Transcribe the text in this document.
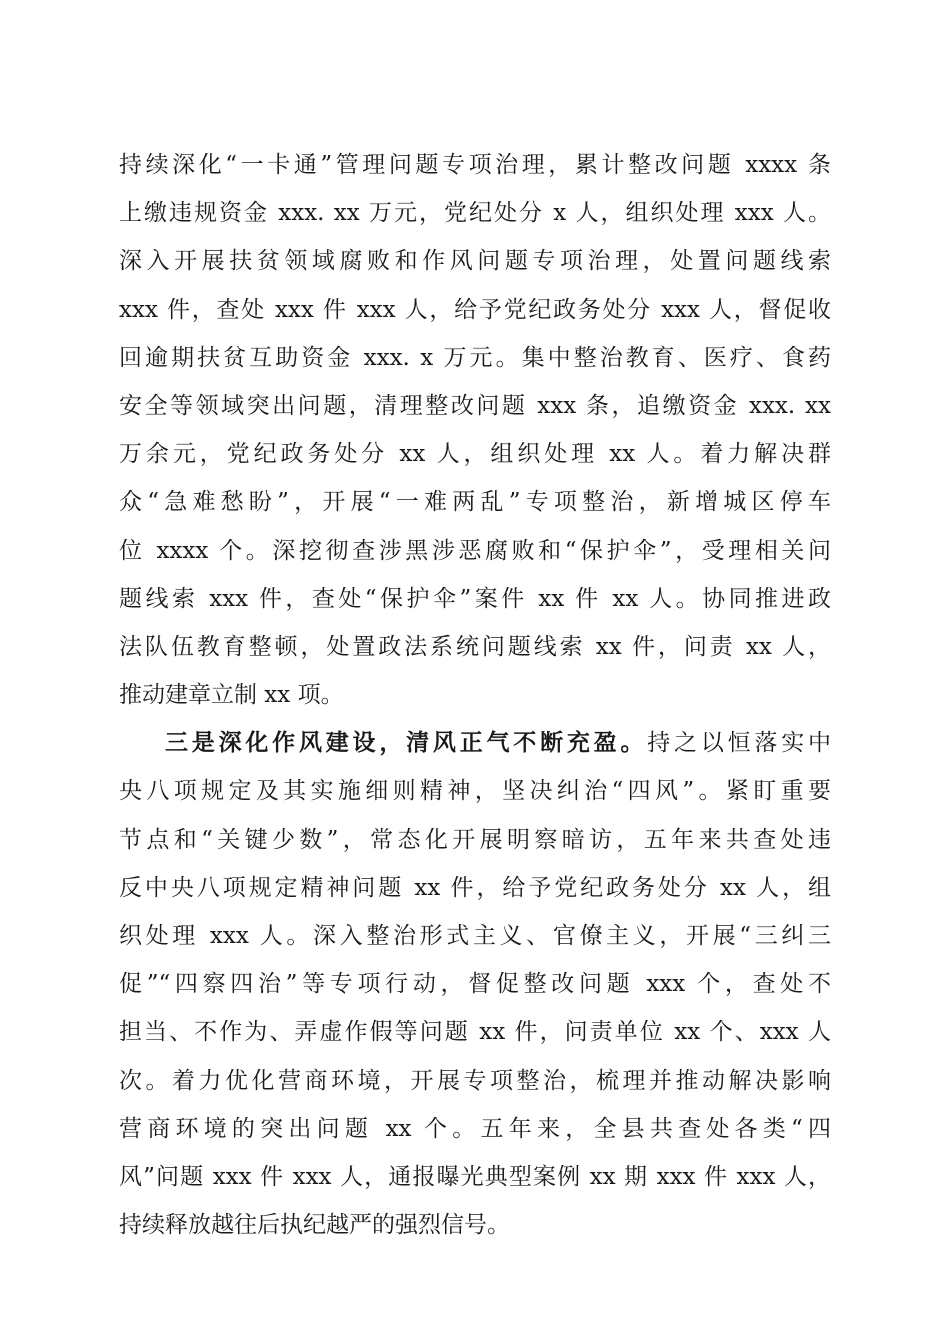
持续深化“一卡通”管理问题专项治理，累计整改问题 xxxx 条
上缴违规资金 xxx. xx 万元，党纪处分 x 人，组织处理 xxx 人。
深入开展扶贫领域腐败和作风问题专项治理，处置问题线索
xxx 件，查处 xxx 件 xxx 人，给予党纪政务处分 xxx 人，督促收
回逾期扶贫互助资金 xxx. x 万元。集中整治教育、医疗、食药
安全等领域突出问题，清理整改问题 xxx 条，追缴资金 xxx. xx
万余元，党纪政务处分 xx 人，组织处理 xx 人。着力解决群
众“急难愁盼”，开展“一难两乱”专项整治，新增城区停车
位 xxxx 个。深挖彻查涉黑涉恶腐败和“保护伞”，受理相关问
题线索 xxx 件，查处“保护伞”案件 xx 件 xx 人。协同推进政
法队伍教育整顿，处置政法系统问题线索 xx 件，问责 xx 人，
推动建章立制 xx 项。
三是深化作风建设，清风正气不断充盈。持之以恒落实中
央八项规定及其实施细则精神，坚决纠治“四风”。紧盯重要
节点和“关键少数”，常态化开展明察暗访，五年来共查处违
反中央八项规定精神问题 xx 件，给予党纪政务处分 xx 人，组
织处理 xxx 人。深入整治形式主义、官僚主义，开展“三纠三
促”“四察四治”等专项行动，督促整改问题 xxx 个，查处不
担当、不作为、弄虚作假等问题 xx 件，问责单位 xx 个、xxx 人
次。着力优化营商环境，开展专项整治，梳理并推动解决影响
营商环境的突出问题 xx 个。五年来，全县共查处各类“四
风”问题 xxx 件 xxx 人，通报曝光典型案例 xx 期 xxx 件 xxx 人，
持续释放越往后执纪越严的强烈信号。
